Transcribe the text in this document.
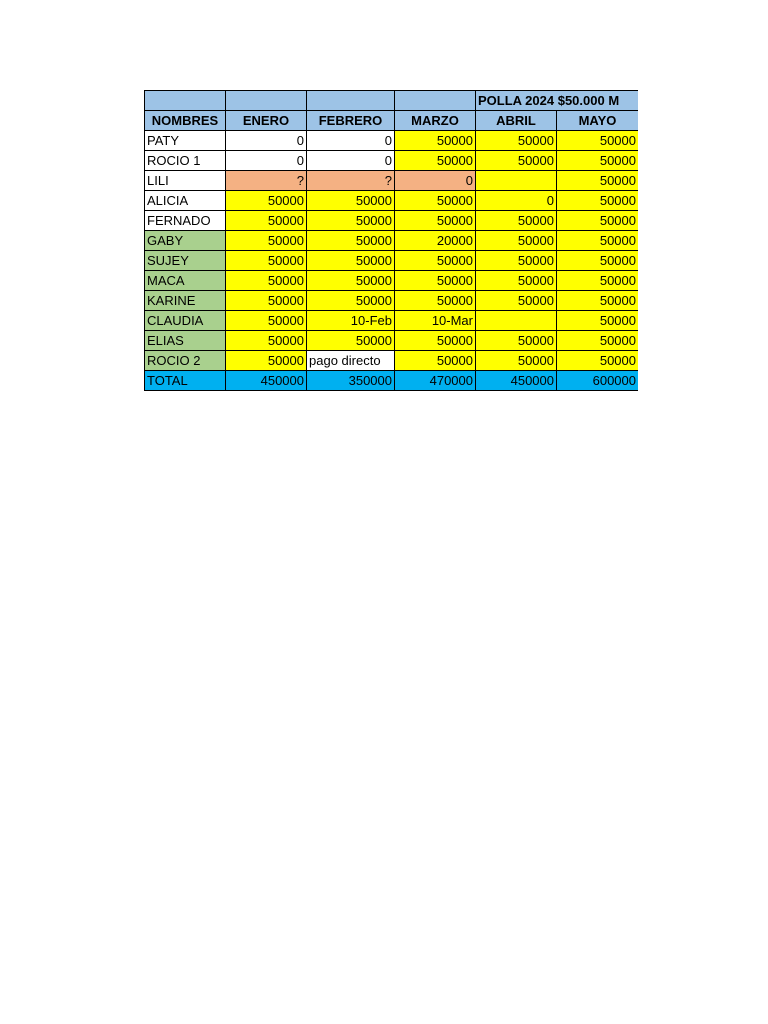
				POLLA 2024 $50.000 M	
NOMBRES	ENERO	FEBRERO	MARZO	ABRIL	MAYO
PATY	0	0	50000	50000	50000
ROCIO 1	0	0	50000	50000	50000
LILI	?	?	0		50000
ALICIA	50000	50000	50000	0	50000
FERNADO	50000	50000	50000	50000	50000
GABY	50000	50000	20000	50000	50000
SUJEY	50000	50000	50000	50000	50000
MACA	50000	50000	50000	50000	50000
KARINE	50000	50000	50000	50000	50000
CLAUDIA	50000	10-Feb	10-Mar		50000
ELIAS	50000	50000	50000	50000	50000
ROCIO 2	50000	pago directo	50000	50000	50000
TOTAL	450000	350000	470000	450000	600000
